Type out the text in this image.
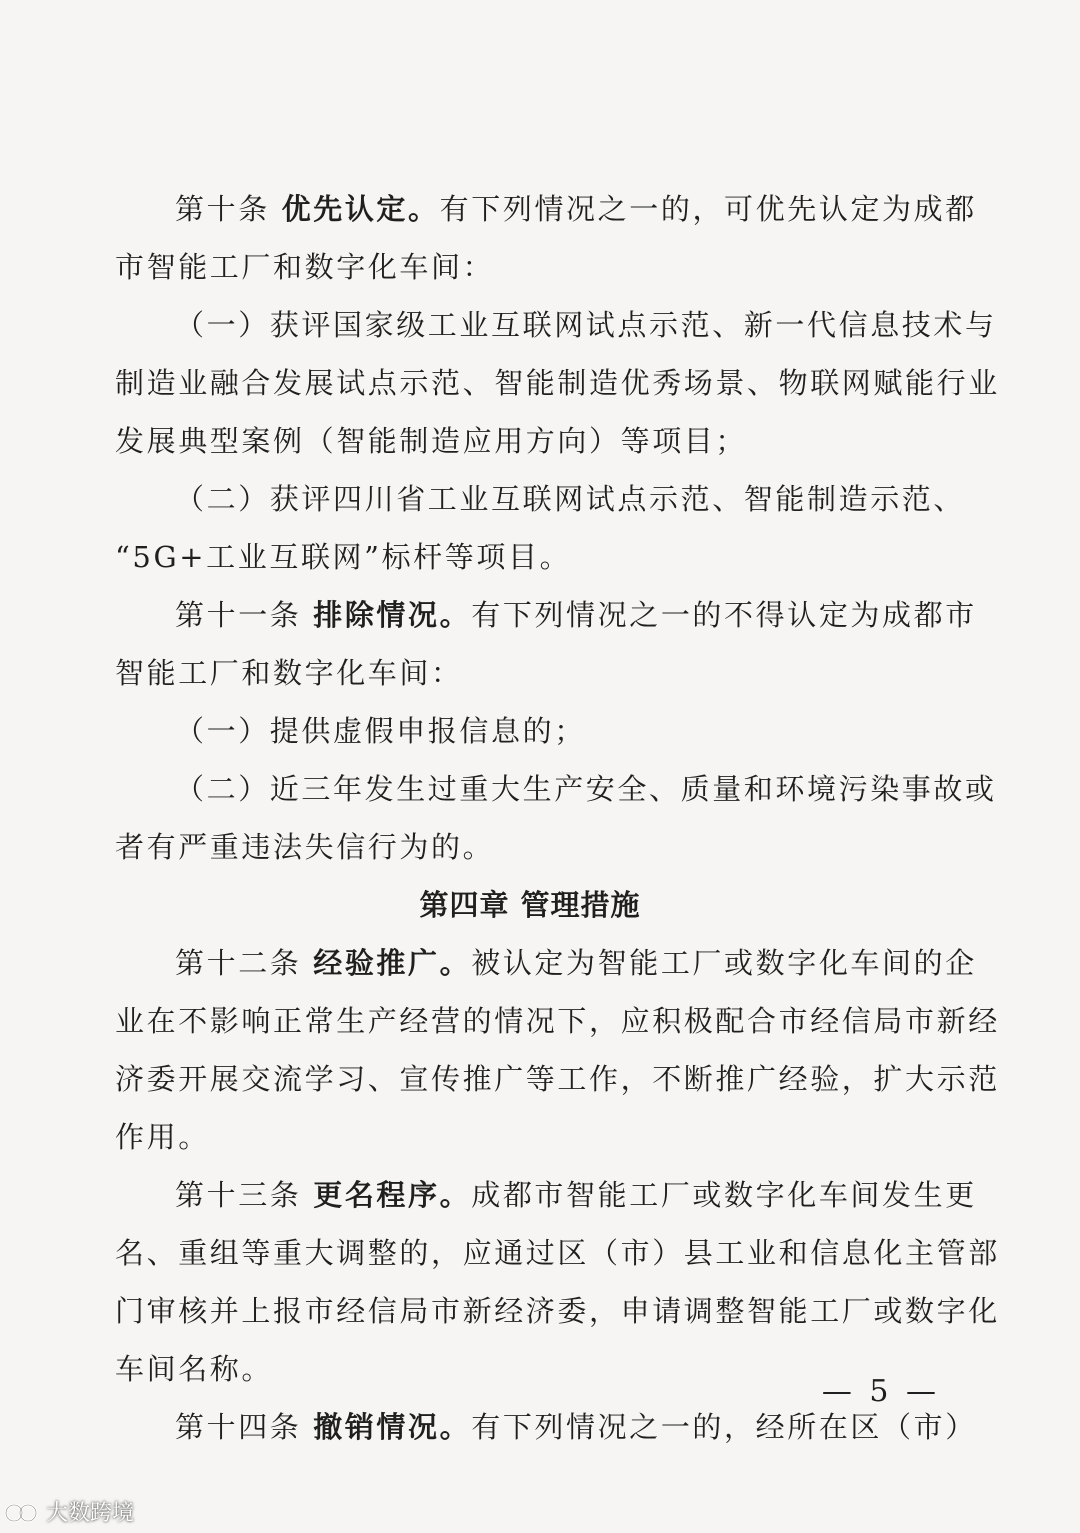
第十条 优先认定。有下列情况之一的，可优先认定为成都
市智能工厂和数字化车间：
（一）获评国家级工业互联网试点示范、新一代信息技术与
制造业融合发展试点示范、智能制造优秀场景、物联网赋能行业
发展典型案例（智能制造应用方向）等项目；
（二）获评四川省工业互联网试点示范、智能制造示范、
“5G+工业互联网”标杆等项目。
第十一条 排除情况。有下列情况之一的不得认定为成都市
智能工厂和数字化车间：
（一）提供虚假申报信息的；
（二）近三年发生过重大生产安全、质量和环境污染事故或
者有严重违法失信行为的。
第四章 管理措施
第十二条 经验推广。被认定为智能工厂或数字化车间的企
业在不影响正常生产经营的情况下，应积极配合市经信局市新经
济委开展交流学习、宣传推广等工作，不断推广经验，扩大示范
作用。
第十三条 更名程序。成都市智能工厂或数字化车间发生更
名、重组等重大调整的，应通过区（市）县工业和信息化主管部
门审核并上报市经信局市新经济委，申请调整智能工厂或数字化
车间名称。
第十四条 撤销情况。有下列情况之一的，经所在区（市）
— 5 —
大数跨境
